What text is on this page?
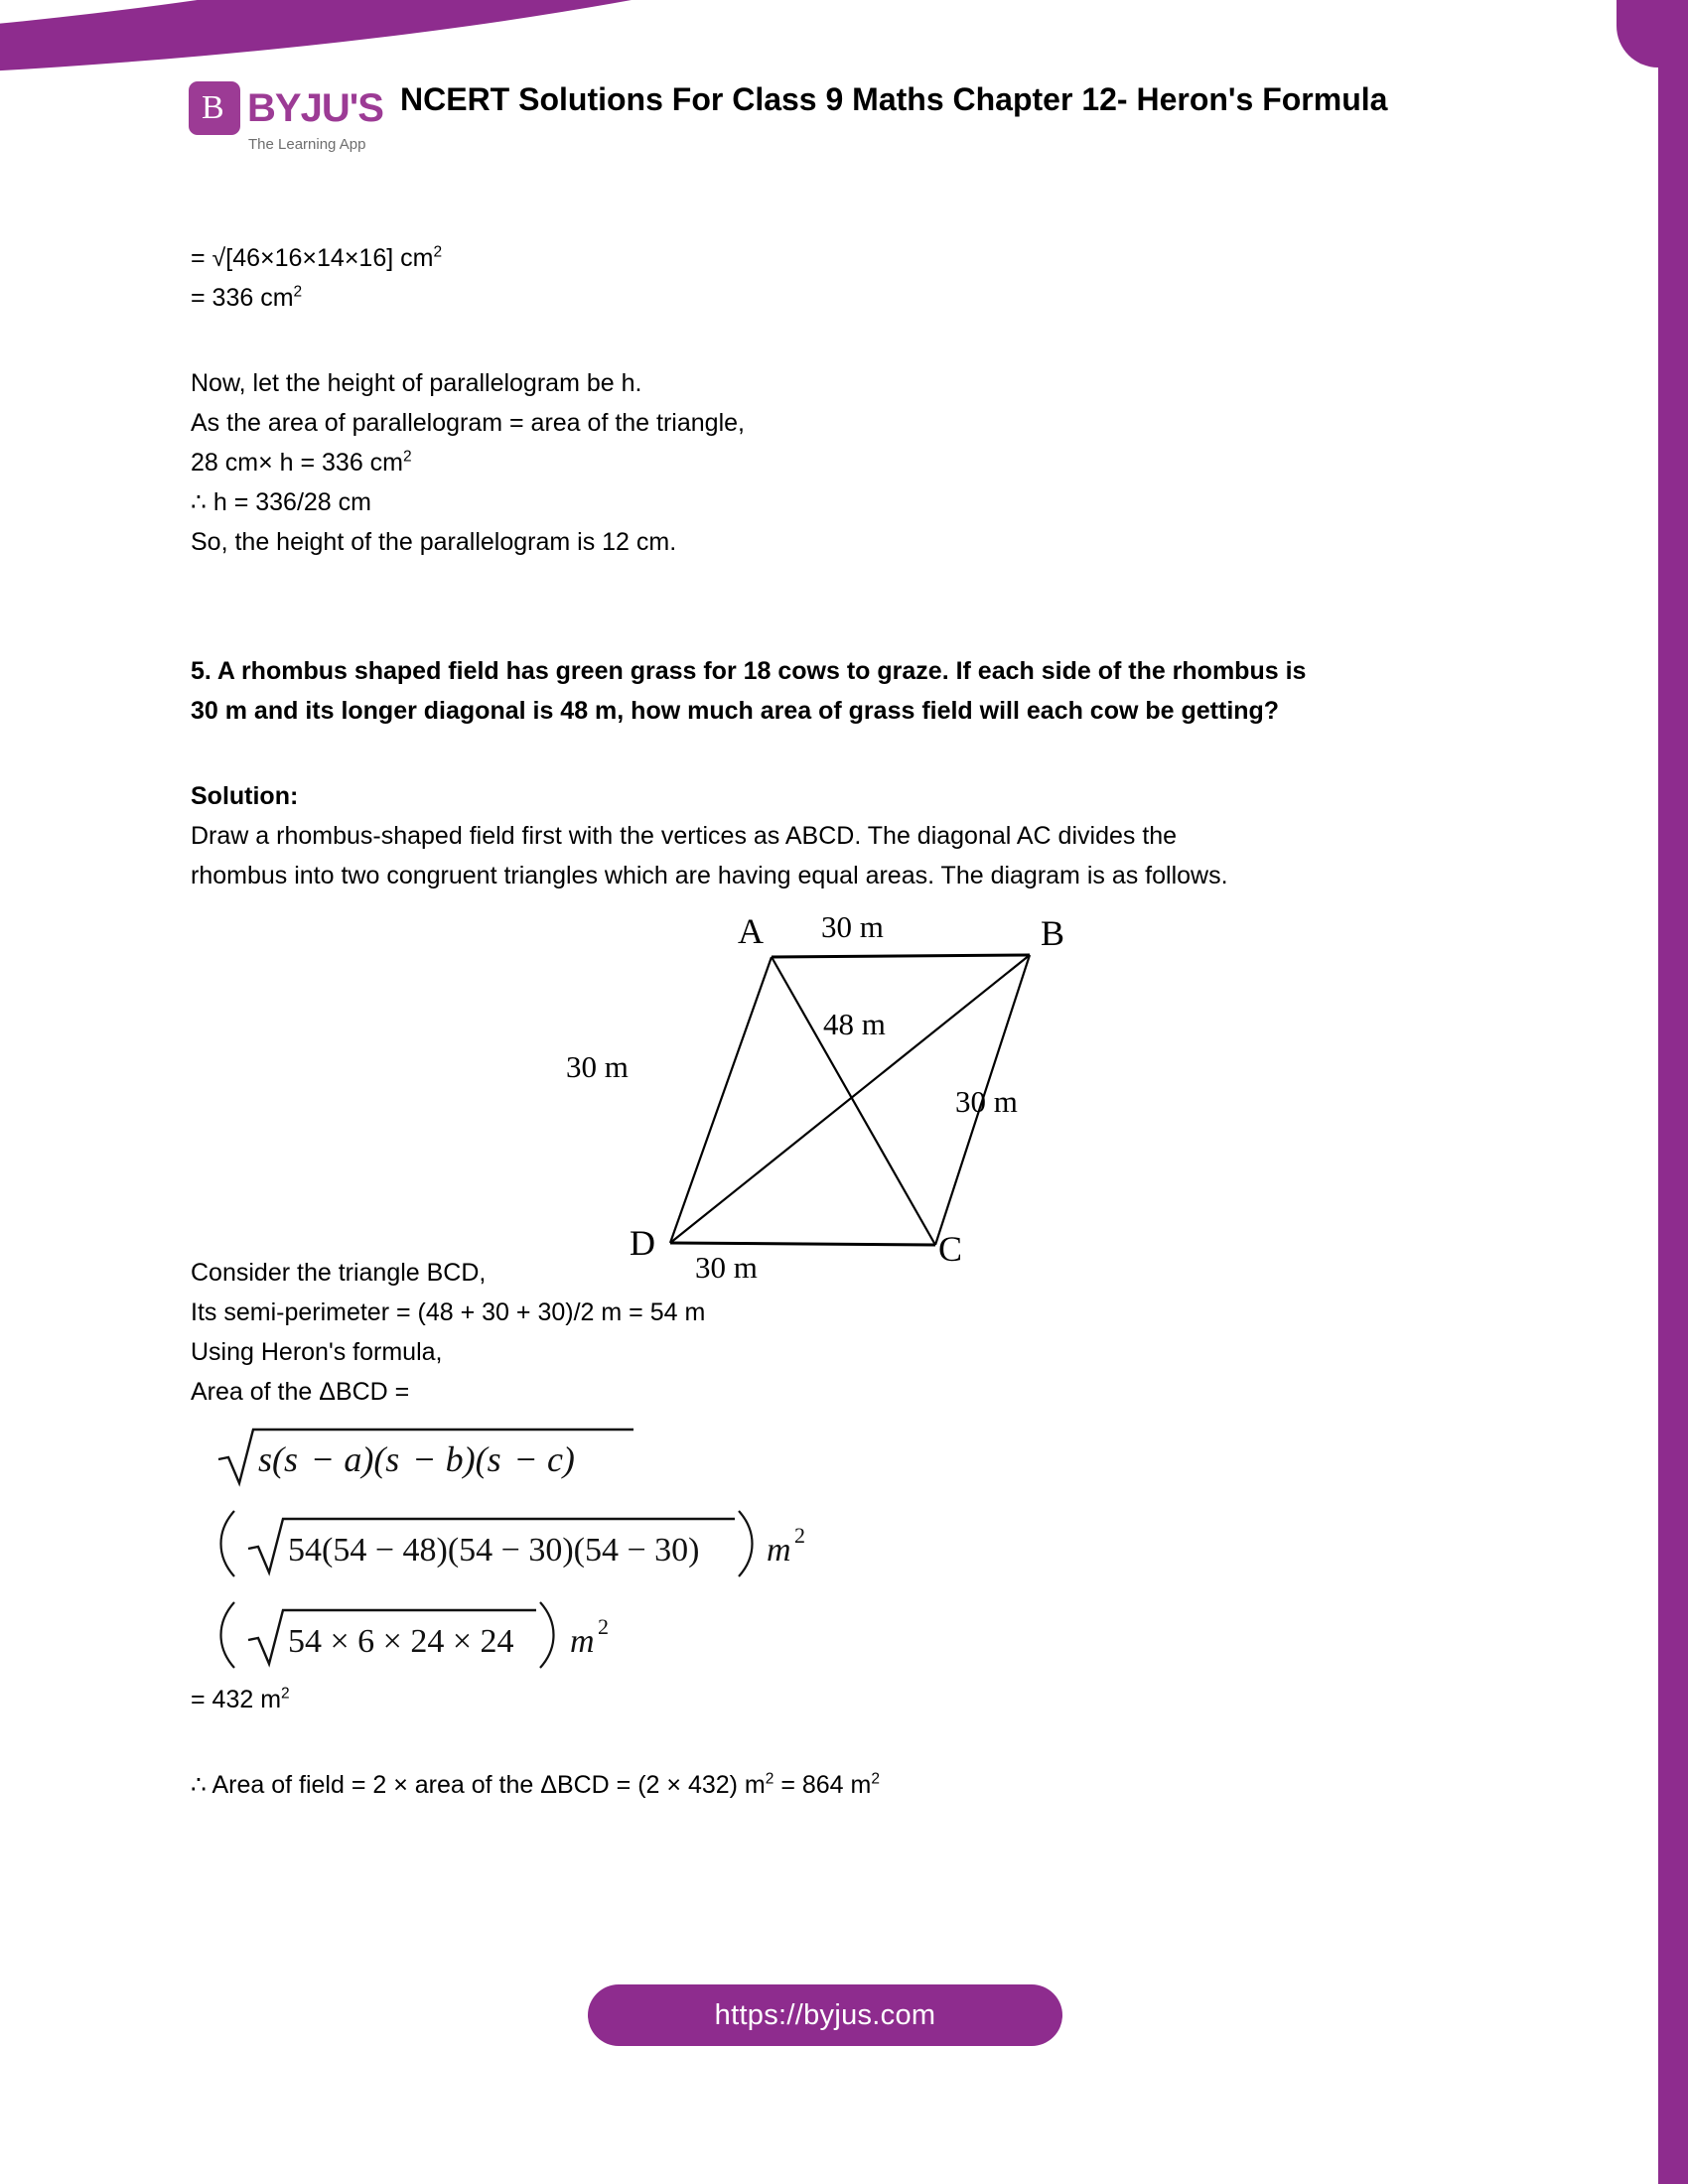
B BYJU'S
The Learning App
NCERT Solutions For Class 9 Maths Chapter 12- Heron's Formula
= √[46×16×14×16] $cm^2$
= 336 $cm^2$
Now, let the height of parallelogram be h.
As the area of parallelogram = area of the triangle,
28 cm× h = 336 $cm^2$
∴ h = 336/28 cm
So, the height of the parallelogram is 12 cm.
5. A rhombus shaped field has green grass for 18 cows to graze. If each side of the rhombus is
30 m and its longer diagonal is 48 m, how much area of grass field will each cow be getting?
Solution:
Draw a rhombus-shaped field first with the vertices as ABCD. The diagonal AC divides the
rhombus into two congruent triangles which are having equal areas. The diagram is as follows.
A	B
D	C
30 m
30 m
30 m
30 m
48 m
Consider the triangle BCD,
Its semi-perimeter = (48 + 30 + 30)/2 m = 54 m
Using Heron's formula,
Area of the ΔBCD =
s(s − a)(s − b)(s − c)
54(54 − 48)(54 − 30)(54 − 30) m 2
54 × 6 × 24 × 24 m 2
= 432 $m^2$
∴ Area of field = 2 × area of the ΔBCD = (2 × 432) $m^2 = 864$ $m^2$
https://byjus.com
